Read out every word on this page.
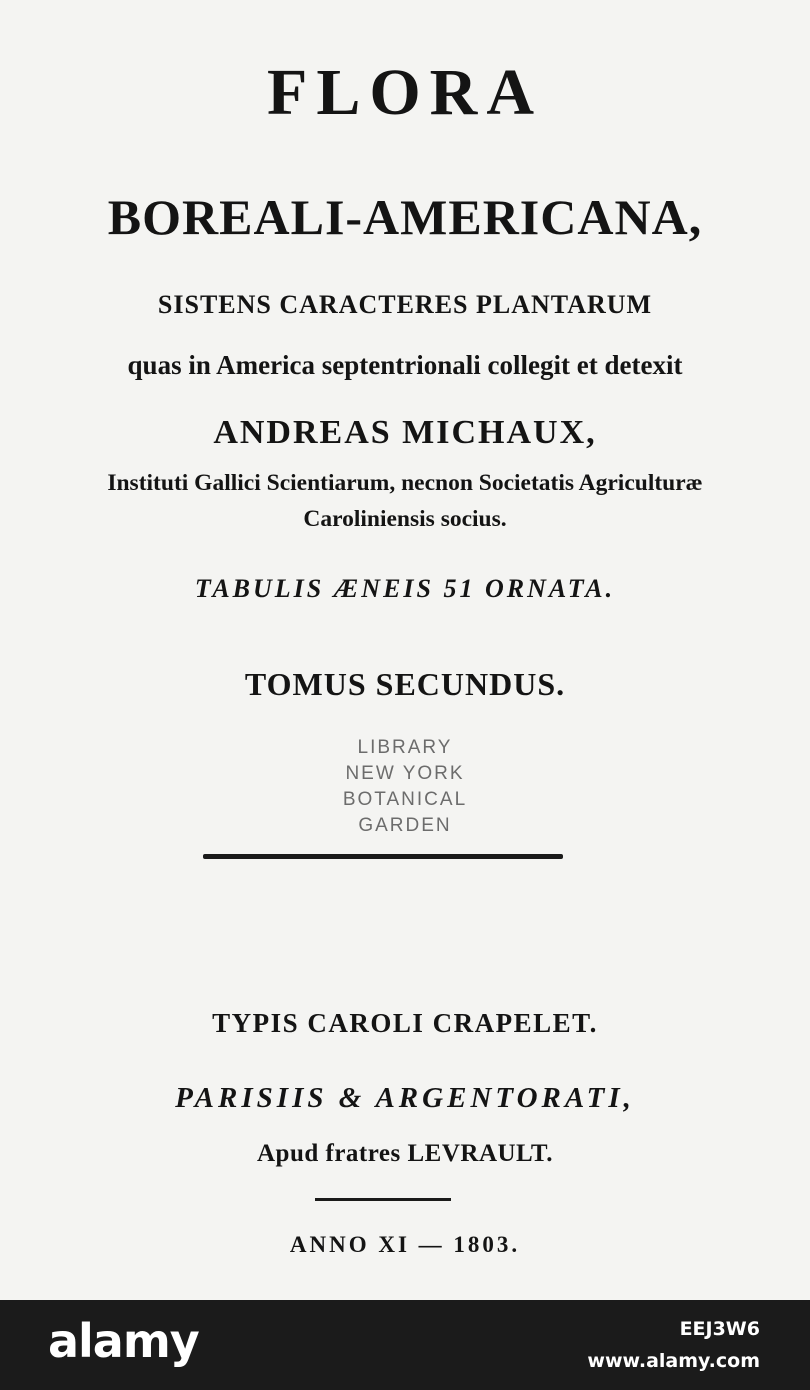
FLORA
BOREALI-AMERICANA,
SISTENS CARACTERES PLANTARUM
quas in America septentrionali collegit et detexit
ANDREAS MICHAUX,
Instituti Gallici Scientiarum, necnon Societatis Agriculturæ
Caroliniensis socius.
TABULIS ÆNEIS 51 ORNATA.
TOMUS SECUNDUS.
LIBRARY
NEW YORK
BOTANICAL
GARDEN
TYPIS CAROLI CRAPELET.
PARISIIS & ARGENTORATI,
Apud fratres LEVRAULT.
ANNO XI — 1803.
alamy	EEJ3W6
www.alamy.com
